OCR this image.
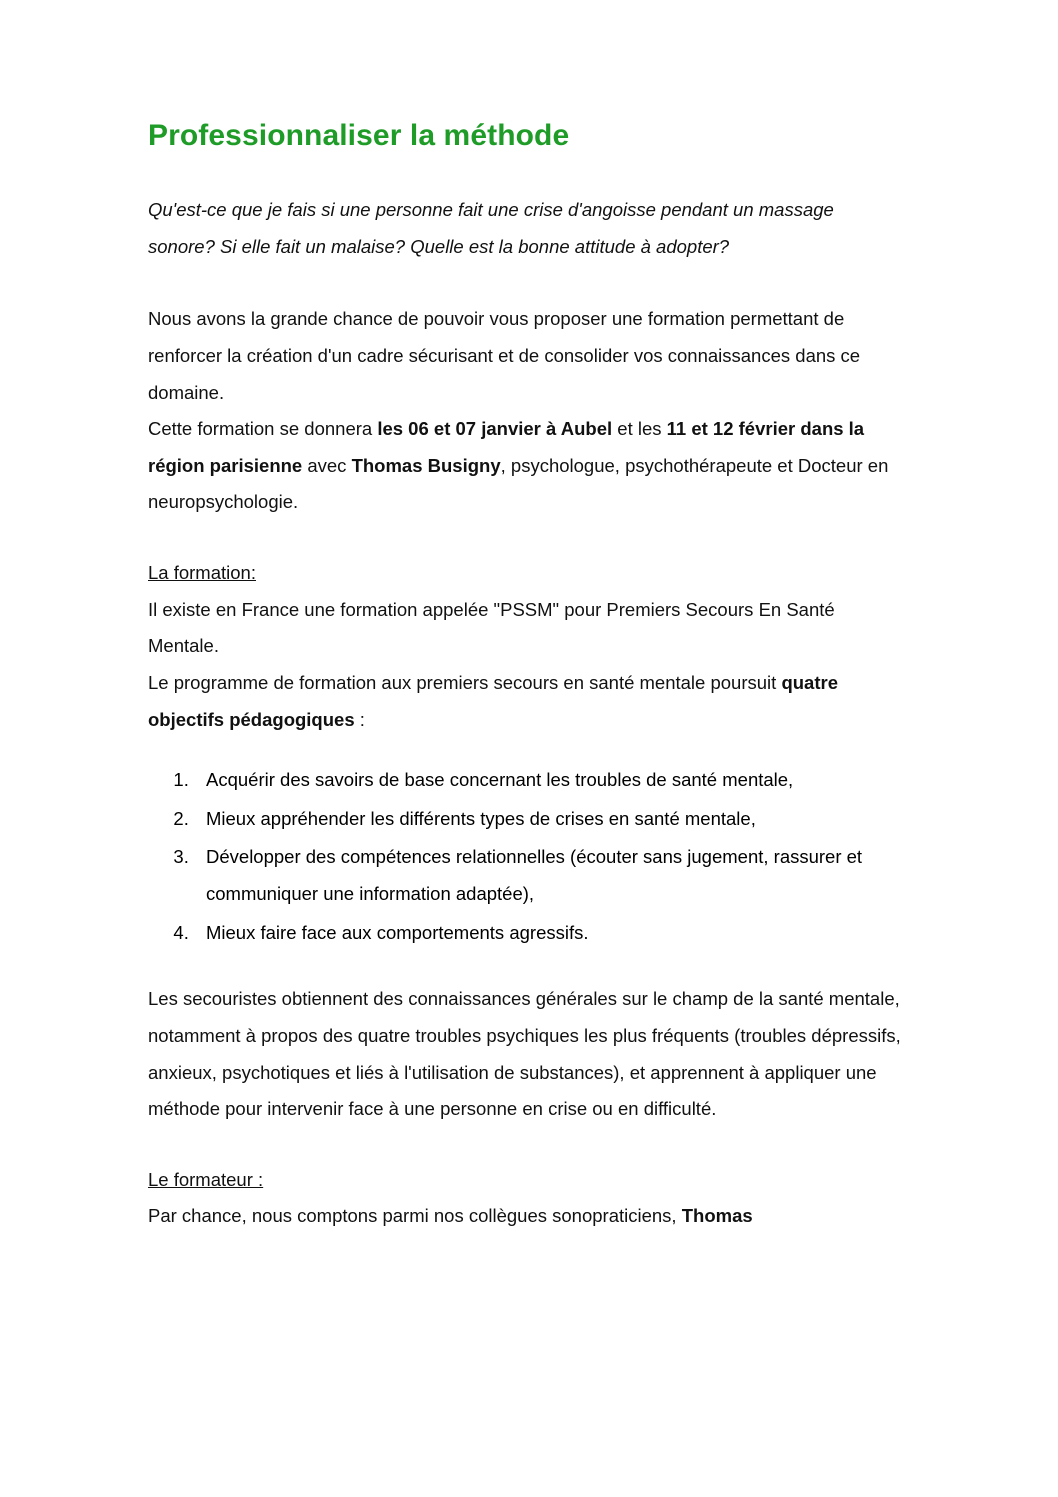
Professionnaliser la méthode

Qu'est-ce que je fais si une personne fait une crise d'angoisse pendant un massage sonore? Si elle fait un malaise? Quelle est la bonne attitude à adopter?

Nous avons la grande chance de pouvoir vous proposer une formation permettant de renforcer la création d'un cadre sécurisant et de consolider vos connaissances dans ce domaine.

Cette formation se donnera les 06 et 07 janvier à Aubel et les 11 et 12 février dans la région parisienne avec Thomas Busigny, psychologue, psychothérapeute et Docteur en neuropsychologie.

La formation:

Il existe en France une formation appelée "PSSM" pour Premiers Secours En Santé Mentale.

Le programme de formation aux premiers secours en santé mentale poursuit quatre objectifs pédagogiques :

1. Acquérir des savoirs de base concernant les troubles de santé mentale,
2. Mieux appréhender les différents types de crises en santé mentale,
3. Développer des compétences relationnelles (écouter sans jugement, rassurer et communiquer une information adaptée),
4. Mieux faire face aux comportements agressifs.

Les secouristes obtiennent des connaissances générales sur le champ de la santé mentale, notamment à propos des quatre troubles psychiques les plus fréquents (troubles dépressifs, anxieux, psychotiques et liés à l'utilisation de substances), et apprennent à appliquer une méthode pour intervenir face à une personne en crise ou en difficulté.

Le formateur :

Par chance, nous comptons parmi nos collègues sonopraticiens, Thomas
